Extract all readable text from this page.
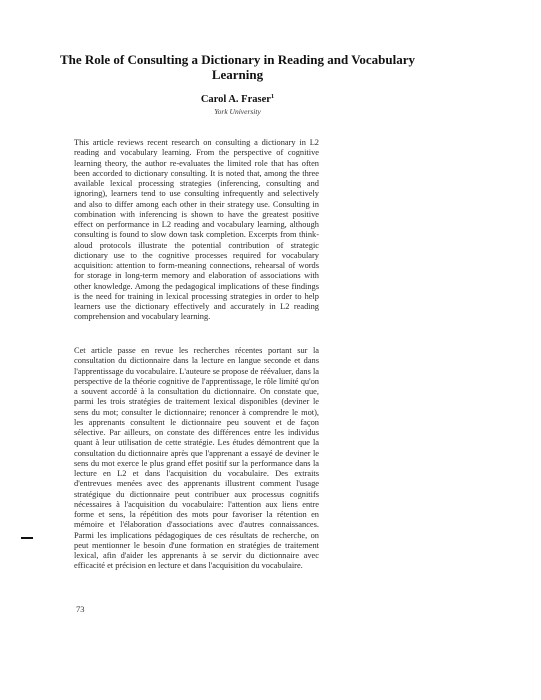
The Role of Consulting a Dictionary in Reading and Vocabulary Learning
Carol A. Fraser$^1$
York University

This article reviews recent research on consulting a dictionary in L2 reading and vocabulary learning. From the perspective of cognitive learning theory, the author re-evaluates the limited role that has often been accorded to dictionary consulting. It is noted that, among the three available lexical processing strategies (inferencing, consulting and ignoring), learners tend to use consulting infrequently and selectively and also to differ among each other in their strategy use. Consulting in combination with inferencing is shown to have the greatest positive effect on performance in L2 reading and vocabulary learning, although consulting is found to slow down task completion. Excerpts from think-aloud protocols illustrate the potential contribution of strategic dictionary use to the cognitive processes required for vocabulary acquisition: attention to form-meaning connections, rehearsal of words for storage in long-term memory and elaboration of associations with other knowledge. Among the pedagogical implications of these findings is the need for training in lexical processing strategies in order to help learners use the dictionary effectively and accurately in L2 reading comprehension and vocabulary learning.

Cet article passe en revue les recherches récentes portant sur la consultation du dictionnaire dans la lecture en langue seconde et dans l'apprentissage du vocabulaire. L'auteure se propose de réévaluer, dans la perspective de la théorie cognitive de l'apprentissage, le rôle limité qu'on a souvent accordé à la consultation du dictionnaire. On constate que, parmi les trois stratégies de traitement lexical disponibles (deviner le sens du mot; consulter le dictionnaire; renoncer à comprendre le mot), les apprenants consultent le dictionnaire peu souvent et de façon sélective. Par ailleurs, on constate des différences entre les individus quant à leur utilisation de cette stratégie. Les études démontrent que la consultation du dictionnaire après que l'apprenant a essayé de deviner le sens du mot exerce le plus grand effet positif sur la performance dans la lecture en L2 et dans l'acquisition du vocabulaire. Des extraits d'entrevues menées avec des apprenants illustrent comment l'usage stratégique du dictionnaire peut contribuer aux processus cognitifs nécessaires à l'acquisition du vocabulaire: l'attention aux liens entre forme et sens, la répétition des mots pour favoriser la rétention en mémoire et l'élaboration d'associations avec d'autres connaissances. Parmi les implications pédagogiques de ces résultats de recherche, on peut mentionner le besoin d'une formation en stratégies de traitement lexical, afin d'aider les apprenants à se servir du dictionnaire avec efficacité et précision en lecture et dans l'acquisition du vocabulaire.

73
